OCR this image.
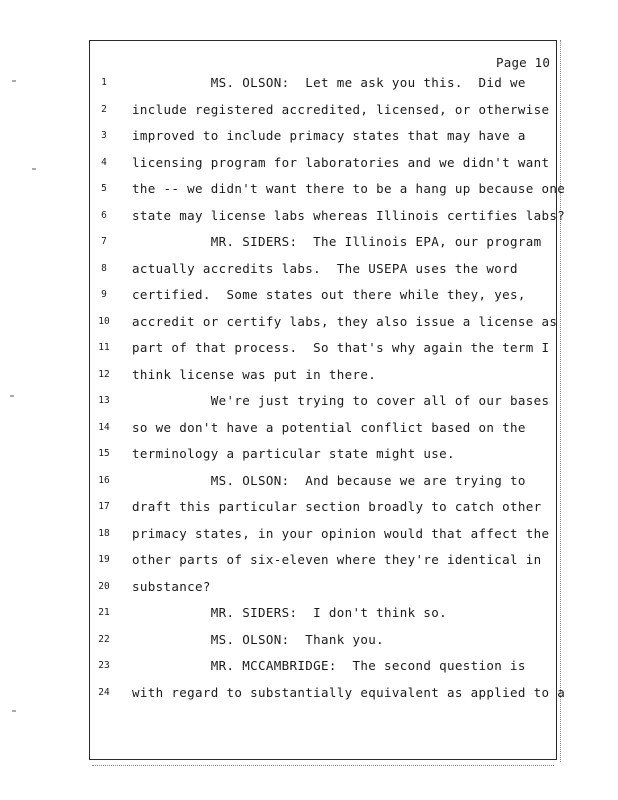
Page 10
1	MS. OLSON:  Let me ask you this.  Did we
2	include registered accredited, licensed, or otherwise
3	improved to include primacy states that may have a
4	licensing program for laboratories and we didn't want
5	the -- we didn't want there to be a hang up because one
6	state may license labs whereas Illinois certifies labs?
7	MR. SIDERS:  The Illinois EPA, our program
8	actually accredits labs.  The USEPA uses the word
9	certified.  Some states out there while they, yes,
10	accredit or certify labs, they also issue a license as
11	part of that process.  So that's why again the term I
12	think license was put in there.
13	We're just trying to cover all of our bases
14	so we don't have a potential conflict based on the
15	terminology a particular state might use.
16	MS. OLSON:  And because we are trying to
17	draft this particular section broadly to catch other
18	primacy states, in your opinion would that affect the
19	other parts of six-eleven where they're identical in
20	substance?
21	MR. SIDERS:  I don't think so.
22	MS. OLSON:  Thank you.
23	MR. MCCAMBRIDGE:  The second question is
24	with regard to substantially equivalent as applied to a
